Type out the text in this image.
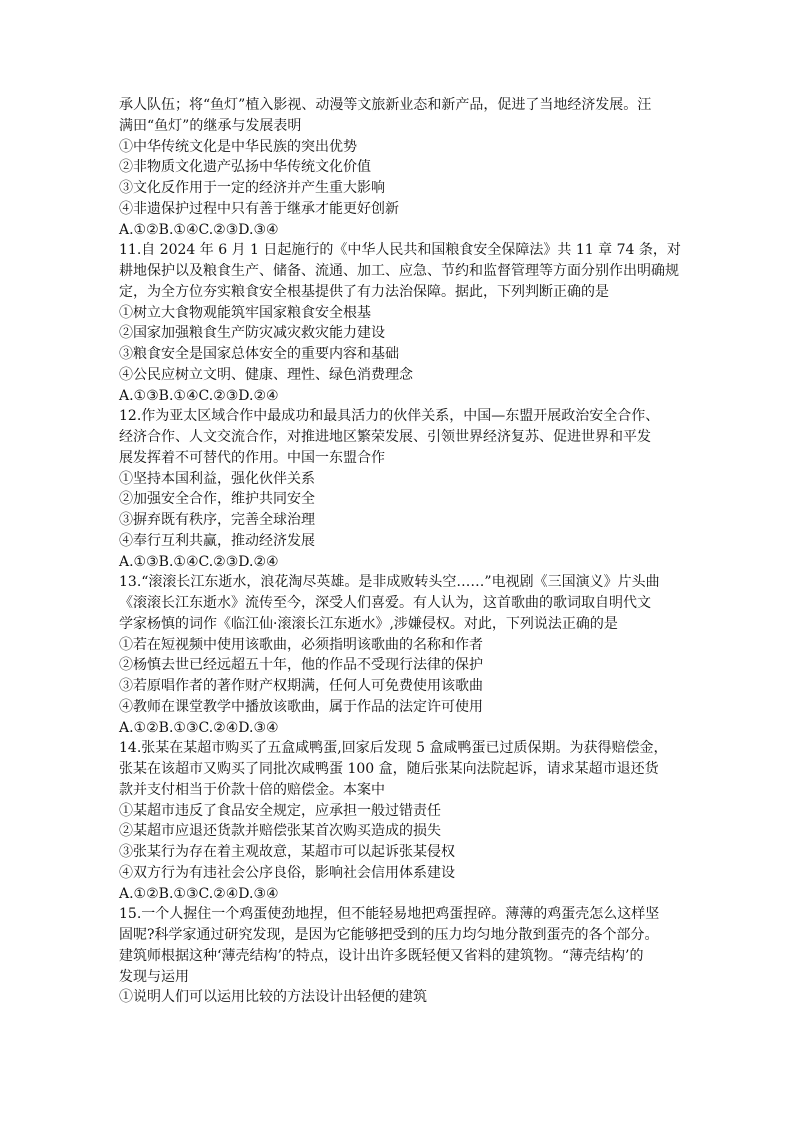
承人队伍；将“鱼灯”植入影视、动漫等文旅新业态和新产品，促进了当地经济发展。汪
满田“鱼灯”的继承与发展表明
①中华传统文化是中华民族的突出优势
②非物质文化遗产弘扬中华传统文化价值
③文化反作用于一定的经济并产生重大影响
④非遗保护过程中只有善于继承才能更好创新
A.①②B.①④C.②③D.③④
11.自 2024 年 6 月 1 日起施行的《中华人民共和国粮食安全保障法》共 11 章 74 条，对
耕地保护以及粮食生产、储备、流通、加工、应急、节约和监督管理等方面分别作出明确规
定，为全方位夯实粮食安全根基提供了有力法治保障。据此，下列判断正确的是
①树立大食物观能筑牢国家粮食安全根基
②国家加强粮食生产防灾减灾救灾能力建设
③粮食安全是国家总体安全的重要内容和基础
④公民应树立文明、健康、理性、绿色消费理念
A.①③B.①④C.②③D.②④
12.作为亚太区域合作中最成功和最具活力的伙伴关系，中国—东盟开展政治安全合作、
经济合作、人文交流合作，对推进地区繁荣发展、引领世界经济复苏、促进世界和平发
展发挥着不可替代的作用。中国一东盟合作
①坚持本国利益，强化伙伴关系
②加强安全合作，维护共同安全
③摒弃既有秩序，完善全球治理
④奉行互利共赢，推动经济发展
A.①③B.①④C.②③D.②④
13.“滚滚长江东逝水，浪花淘尽英雄。是非成败转头空……”电视剧《三国演义》片头曲
《滚滚长江东逝水》流传至今，深受人们喜爱。有人认为，这首歌曲的歌词取自明代文
学家杨慎的词作《临江仙·滚滚长江东逝水》,涉嫌侵权。对此，下列说法正确的是
①若在短视频中使用该歌曲，必须指明该歌曲的名称和作者
②杨慎去世已经远超五十年，他的作品不受现行法律的保护
③若原唱作者的著作财产权期满，任何人可免费使用该歌曲
④教师在课堂教学中播放该歌曲，属于作品的法定许可使用
A.①②B.①③C.②④D.③④
14.张某在某超市购买了五盒咸鸭蛋,回家后发现 5 盒咸鸭蛋已过质保期。为获得赔偿金，
张某在该超市又购买了同批次咸鸭蛋 100 盒，随后张某向法院起诉，请求某超市退还货
款并支付相当于价款十倍的赔偿金。本案中
①某超市违反了食品安全规定，应承担一般过错责任
②某超市应退还货款并赔偿张某首次购买造成的损失
③张某行为存在着主观故意，某超市可以起诉张某侵权
④双方行为有违社会公序良俗，影响社会信用体系建设
A.①②B.①③C.②④D.③④
15.一个人握住一个鸡蛋使劲地捏，但不能轻易地把鸡蛋捏碎。薄薄的鸡蛋壳怎么这样坚
固呢?科学家通过研究发现，是因为它能够把受到的压力均匀地分散到蛋壳的各个部分。
建筑师根据这种‘薄壳结构’的特点，设计出许多既轻便又省料的建筑物。“薄壳结构’的
发现与运用
①说明人们可以运用比较的方法设计出轻便的建筑
